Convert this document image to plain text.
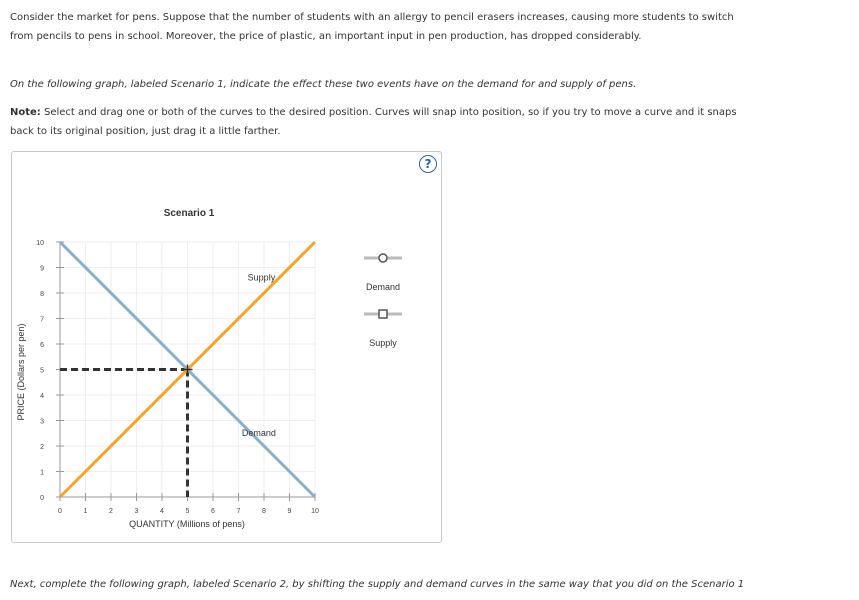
Consider the market for pens. Suppose that the number of students with an allergy to pencil erasers increases, causing more students to switch from pencils to pens in school. Moreover, the price of plastic, an important input in pen production, has dropped considerably.
On the following graph, labeled Scenario 1, indicate the effect these two events have on the demand for and supply of pens.
Note: Select and drag one or both of the curves to the desired position. Curves will snap into position, so if you try to move a curve and it snaps back to its original position, just drag it a little farther.
?
Scenario 1
0	1	2	3	4	5	6	7	8	9	10
0
1
2
3
4
5
6
7
8
9
10
QUANTITY (Millions of pens)
PRICE (Dollars per pen)
Demand
Supply
Demand
Supply
Next, complete the following graph, labeled Scenario 2, by shifting the supply and demand curves in the same way that you did on the Scenario 1
